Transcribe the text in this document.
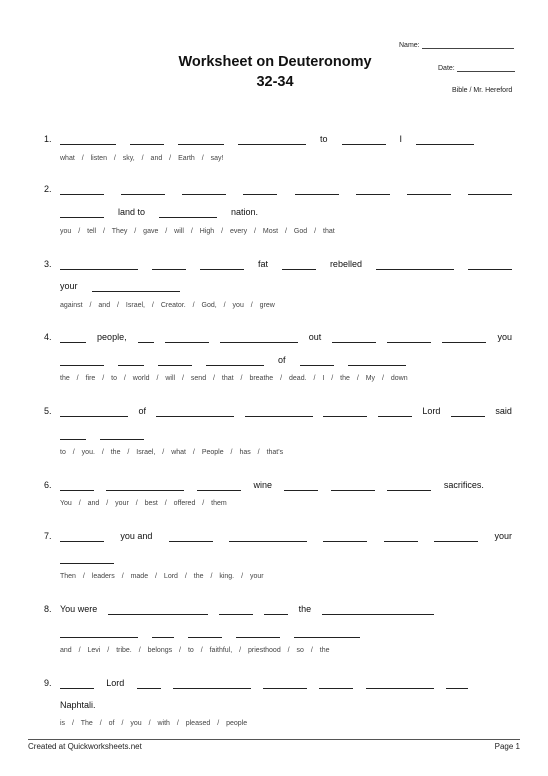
Worksheet on Deuteronomy
32-34
Name:
Date:
Bible / Mr. Hereford
1.	to	I
what / listen / sky, / and / Earth / say!
2.
land to	nation.
you / tell / They / gave / will / High / every / Most / God / that
3.	fat	rebelled
your
against / and / Israel, / Creator. / God, / you / grew
4.	people,	out	you
of
the / fire / to / world / will / send / that / breathe / dead. / I / the / My / down
5.	of	Lord	said
to / you. / the / Israel, / what / People / has / that's
6.	wine	sacrifices.
You / and / your / best / offered / them
7.	you and	your
Then / leaders / made / Lord / the / king. / your
8. You were	the
and / Levi / tribe. / belongs / to / faithful, / priesthood / so / the
9.	Lord
Naphtali.
is / The / of / you / with / pleased / people
Created at Quickworksheets.net	Page 1
